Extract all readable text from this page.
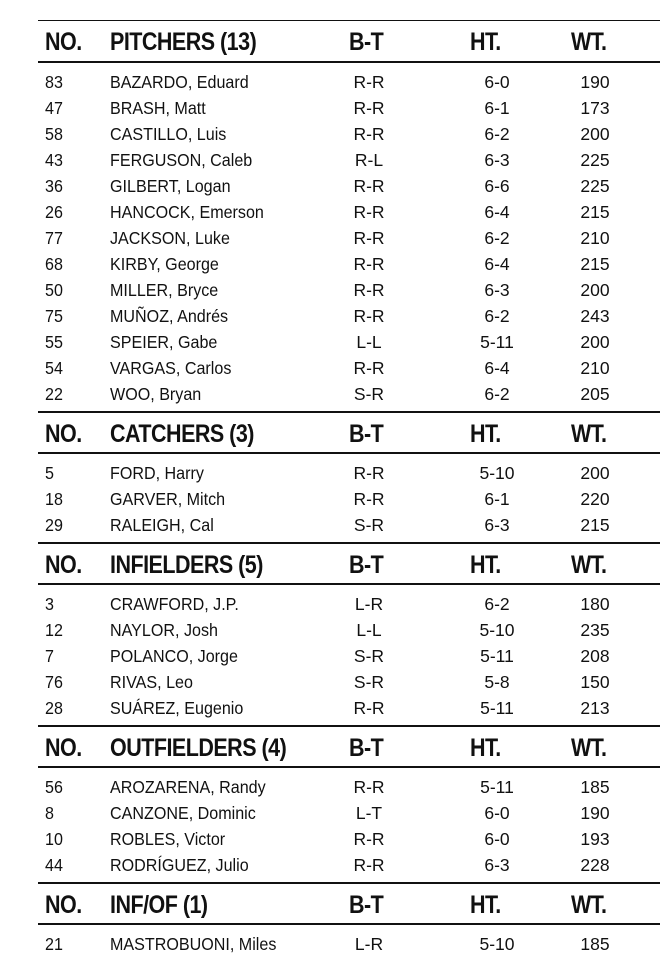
NO. PITCHERS (13)	B-T	HT.	WT.
83	BAZARDO, Eduard	R-R	6-0	190
47	BRASH, Matt	R-R	6-1	173
58	CASTILLO, Luis	R-R	6-2	200
43	FERGUSON, Caleb	R-L	6-3	225
36	GILBERT, Logan	R-R	6-6	225
26	HANCOCK, Emerson	R-R	6-4	215
77	JACKSON, Luke	R-R	6-2	210
68	KIRBY, George	R-R	6-4	215
50	MILLER, Bryce	R-R	6-3	200
75	MUÑOZ, Andrés	R-R	6-2	243
55	SPEIER, Gabe	L-L	5-11	200
54	VARGAS, Carlos	R-R	6-4	210
22	WOO, Bryan	S-R	6-2	205
NO. CATCHERS (3)	B-T	HT.	WT.
5	FORD, Harry	R-R	5-10	200
18	GARVER, Mitch	R-R	6-1	220
29	RALEIGH, Cal	S-R	6-3	215
NO. INFIELDERS (5)	B-T	HT.	WT.
3	CRAWFORD, J.P.	L-R	6-2	180
12	NAYLOR, Josh	L-L	5-10	235
7	POLANCO, Jorge	S-R	5-11	208
76	RIVAS, Leo	S-R	5-8	150
28	SUÁREZ, Eugenio	R-R	5-11	213
NO. OUTFIELDERS (4)	B-T	HT.	WT.
56	AROZARENA, Randy	R-R	5-11	185
8	CANZONE, Dominic	L-T	6-0	190
10	ROBLES, Victor	R-R	6-0	193
44	RODRÍGUEZ, Julio	R-R	6-3	228
NO. INF/OF (1)	B-T	HT.	WT.
21	MASTROBUONI, Miles	L-R	5-10	185
